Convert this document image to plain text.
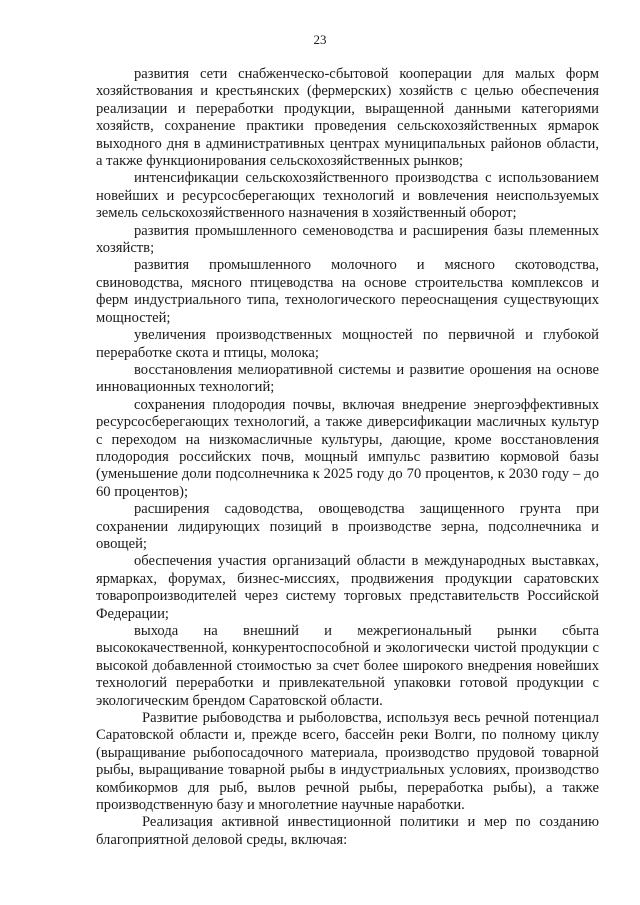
23

развития сети снабженческо-сбытовой кооперации для малых форм хозяйствования и крестьянских (фермерских) хозяйств с целью обеспечения реализации и переработки продукции, выращенной данными категориями хозяйств, сохранение практики проведения сельскохозяйственных ярмарок выходного дня в административных центрах муниципальных районов области, а также функционирования сельскохозяйственных рынков;

интенсификации сельскохозяйственного производства с использованием новейших и ресурсосберегающих технологий и вовлечения неиспользуемых земель сельскохозяйственного назначения в хозяйственный оборот;

развития промышленного семеноводства и расширения базы племенных хозяйств;

развития промышленного молочного и мясного скотоводства, свиноводства, мясного птицеводства на основе строительства комплексов и ферм индустриального типа, технологического переоснащения существующих мощностей;

увеличения производственных мощностей по первичной и глубокой переработке скота и птицы, молока;

восстановления мелиоративной системы и развитие орошения на основе инновационных технологий;

сохранения плодородия почвы, включая внедрение энергоэффективных ресурсосберегающих технологий, а также диверсификации масличных культур с переходом на низкомасличные культуры, дающие, кроме восстановления плодородия российских почв, мощный импульс развитию кормовой базы (уменьшение доли подсолнечника к 2025 году до 70 процентов, к 2030 году – до 60 процентов);

расширения садоводства, овощеводства защищенного грунта при сохранении лидирующих позиций в производстве зерна, подсолнечника и овощей;

обеспечения участия организаций области в международных выставках, ярмарках, форумах, бизнес-миссиях, продвижения продукции саратовских товаропроизводителей через систему торговых представительств Российской Федерации;

выхода на внешний и межрегиональный рынки сбыта высококачественной, конкурентоспособной и экологически чистой продукции с высокой добавленной стоимостью за счет более широкого внедрения новейших технологий переработки и привлекательной упаковки готовой продукции с экологическим брендом Саратовской области.

Развитие рыбоводства и рыболовства, используя весь речной потенциал Саратовской области и, прежде всего, бассейн реки Волги, по полному циклу (выращивание рыбопосадочного материала, производство прудовой товарной рыбы, выращивание товарной рыбы в индустриальных условиях, производство комбикормов для рыб, вылов речной рыбы, переработка рыбы), а также производственную базу и многолетние научные наработки.

Реализация активной инвестиционной политики и мер по созданию благоприятной деловой среды, включая:
